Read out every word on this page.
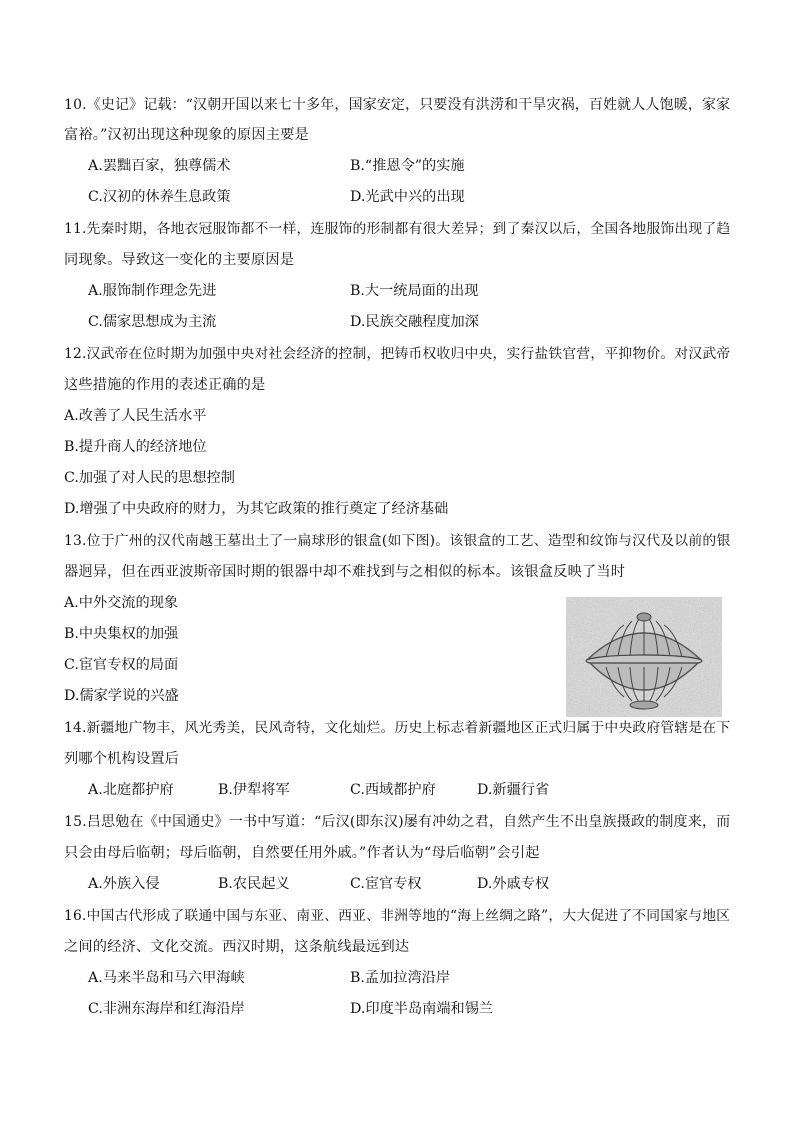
10.《史记》记载：“汉朝开国以来七十多年，国家安定，只要没有洪涝和干旱灾祸，百姓就人人饱暖，家家
富裕。”汉初出现这种现象的原因主要是
A.罢黜百家，独尊儒术	B.“推恩令”的实施
C.汉初的休养生息政策	D.光武中兴的出现
11.先秦时期，各地衣冠服饰都不一样，连服饰的形制都有很大差异；到了秦汉以后，全国各地服饰出现了趋
同现象。导致这一变化的主要原因是
A.服饰制作理念先进	B.大一统局面的出现
C.儒家思想成为主流	D.民族交融程度加深
12.汉武帝在位时期为加强中央对社会经济的控制，把铸币权收归中央，实行盐铁官营，平抑物价。对汉武帝
这些措施的作用的表述正确的是
A.改善了人民生活水平
B.提升商人的经济地位
C.加强了对人民的思想控制
D.增强了中央政府的财力，为其它政策的推行奠定了经济基础
13.位于广州的汉代南越王墓出土了一扁球形的银盒(如下图)。该银盒的工艺、造型和纹饰与汉代及以前的银
器迥异，但在西亚波斯帝国时期的银器中却不难找到与之相似的标本。该银盒反映了当时
A.中外交流的现象
B.中央集权的加强
C.宦官专权的局面
D.儒家学说的兴盛
14.新疆地广物丰，风光秀美，民风奇特，文化灿烂。历史上标志着新疆地区正式归属于中央政府管辖是在下
列哪个机构设置后
A.北庭都护府	B.伊犁将军	C.西域都护府	D.新疆行省
15.吕思勉在《中国通史》一书中写道：“后汉(即东汉)屡有冲幼之君，自然产生不出皇族摄政的制度来，而
只会由母后临朝；母后临朝，自然要任用外戚。”作者认为“母后临朝”会引起
A.外族入侵	B.农民起义	C.宦官专权	D.外戚专权
16.中国古代形成了联通中国与东亚、南亚、西亚、非洲等地的“海上丝绸之路”，大大促进了不同国家与地区
之间的经济、文化交流。西汉时期，这条航线最远到达
A.马来半岛和马六甲海峡	B.孟加拉湾沿岸
C.非洲东海岸和红海沿岸	D.印度半岛南端和锡兰
